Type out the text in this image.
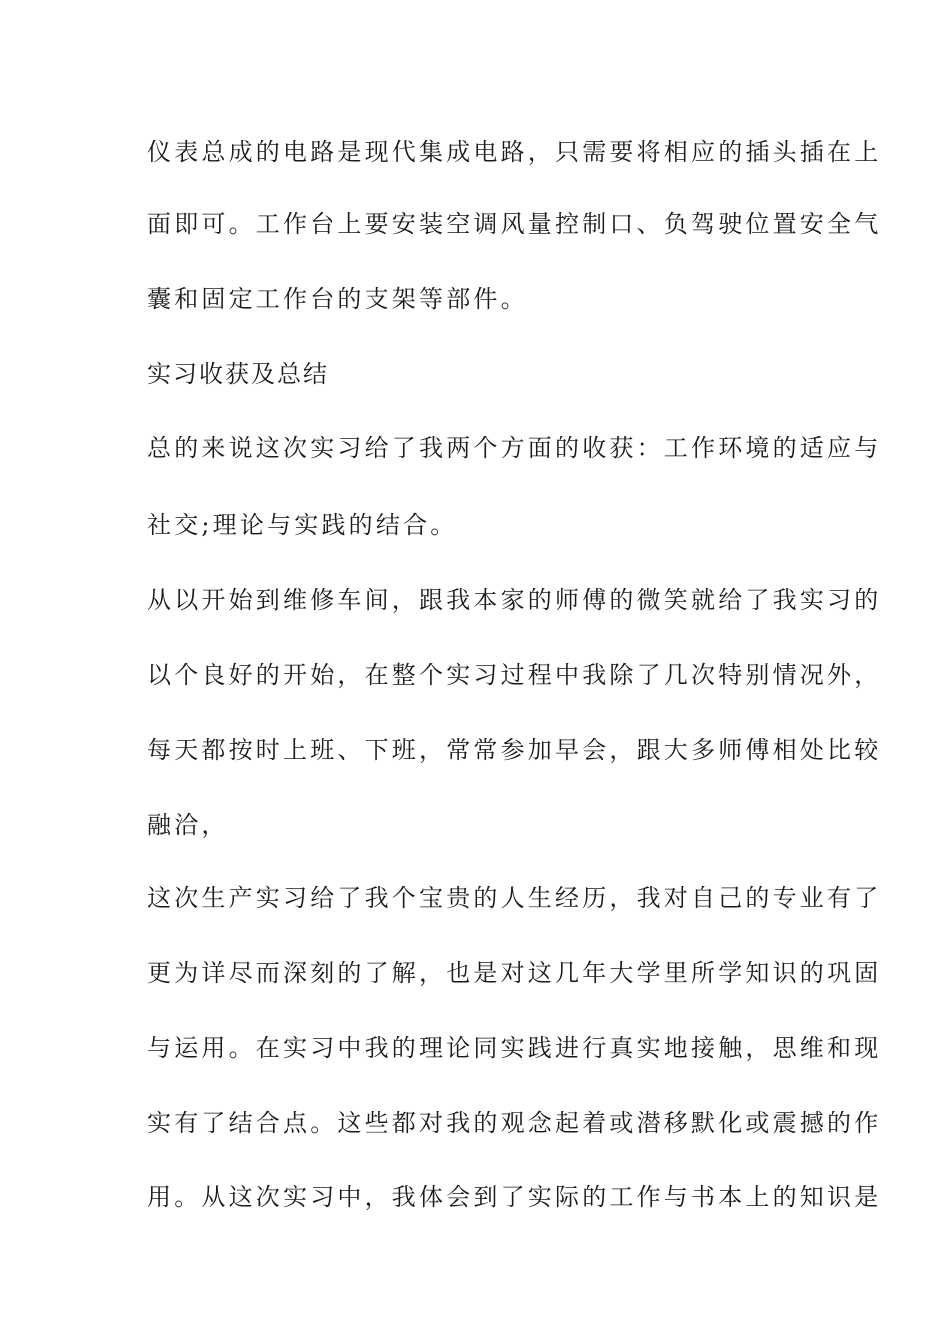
仪表总成的电路是现代集成电路，只需要将相应的插头插在上
面即可。工作台上要安装空调风量控制口、负驾驶位置安全气
囊和固定工作台的支架等部件。
实习收获及总结
总的来说这次实习给了我两个方面的收获：工作环境的适应与
社交;理论与实践的结合。
从以开始到维修车间，跟我本家的师傅的微笑就给了我实习的
以个良好的开始，在整个实习过程中我除了几次特别情况外，
每天都按时上班、下班，常常参加早会，跟大多师傅相处比较
融洽，
这次生产实习给了我个宝贵的人生经历，我对自己的专业有了
更为详尽而深刻的了解，也是对这几年大学里所学知识的巩固
与运用。在实习中我的理论同实践进行真实地接触，思维和现
实有了结合点。这些都对我的观念起着或潜移默化或震撼的作
用。从这次实习中，我体会到了实际的工作与书本上的知识是
